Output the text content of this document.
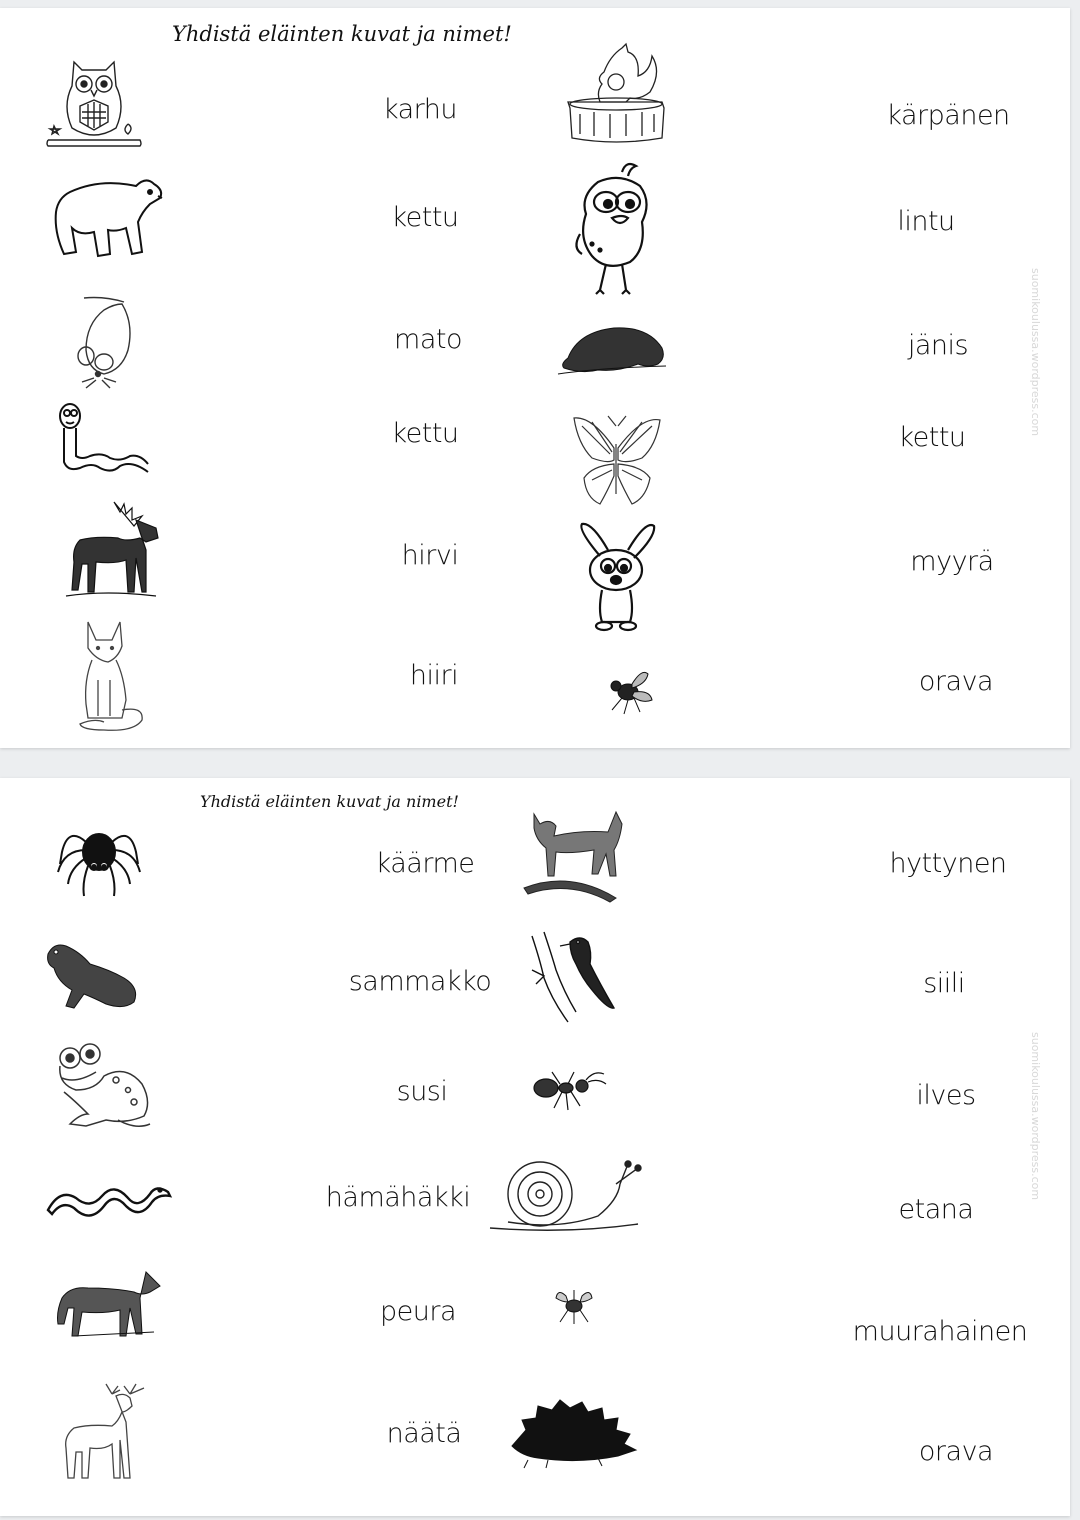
Yhdistä eläinten kuvat ja nimet!
karhu
kettu
mato
kettu
hirvi
hiiri
kärpänen
lintu
jänis
kettu
myyrä
orava
suomikoulussa.wordpress.com
Yhdistä eläinten kuvat ja nimet!
käärme
sammakko
susi
hämähäkki
peura
näätä
hyttynen
siili
ilves
etana
muurahainen
orava
suomikoulussa.wordpress.com
